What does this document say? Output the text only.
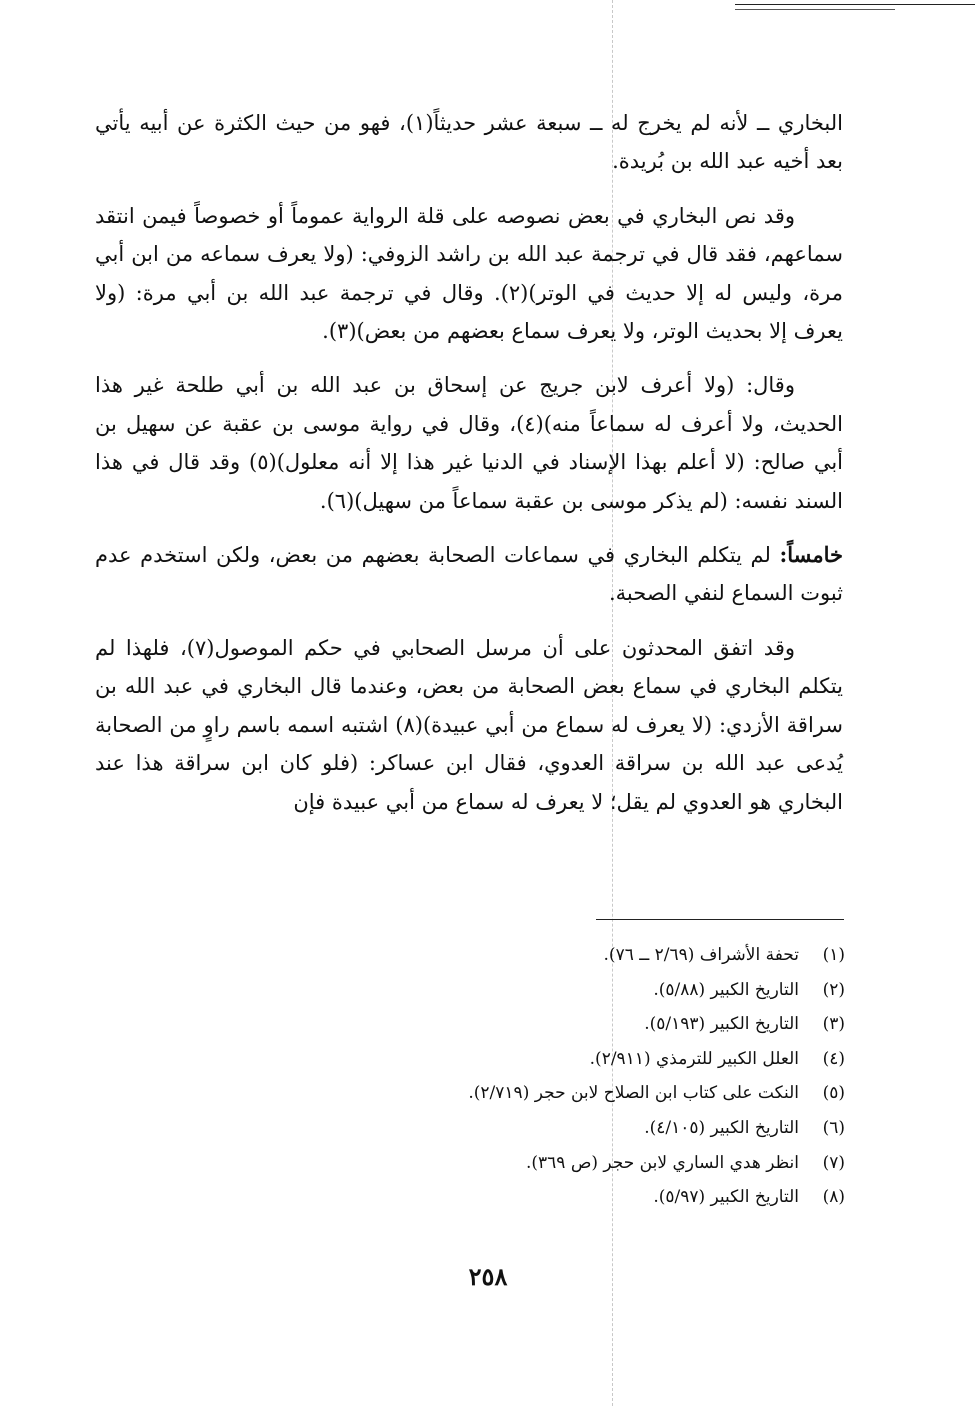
البخاري ــ لأنه لم يخرج له ــ سبعة عشر حديثاً(١)، فهو من حيث الكثرة عن أبيه يأتي بعد أخيه عبد الله بن بُريدة.

وقد نص البخاري في بعض نصوصه على قلة الرواية عموماً أو خصوصاً فيمن انتقد سماعهم، فقد قال في ترجمة عبد الله بن راشد الزوفي: (ولا يعرف سماعه من ابن أبي مرة، وليس له إلا حديث في الوتر)(٢). وقال في ترجمة عبد الله بن أبي مرة: (ولا يعرف إلا بحديث الوتر، ولا يعرف سماع بعضهم من بعض)(٣).

وقال: (ولا أعرف لابن جريج عن إسحاق بن عبد الله بن أبي طلحة غير هذا الحديث، ولا أعرف له سماعاً منه)(٤)، وقال في رواية موسى بن عقبة عن سهيل بن أبي صالح: (لا أعلم بهذا الإسناد في الدنيا غير هذا إلا أنه معلول)(٥) وقد قال في هذا السند نفسه: (لم يذكر موسى بن عقبة سماعاً من سهيل)(٦).

خامساً: لم يتكلم البخاري في سماعات الصحابة بعضهم من بعض، ولكن استخدم عدم ثبوت السماع لنفي الصحبة.

وقد اتفق المحدثون على أن مرسل الصحابي في حكم الموصول(٧)، فلهذا لم يتكلم البخاري في سماع بعض الصحابة من بعض، وعندما قال البخاري في عبد الله بن سراقة الأزدي: (لا يعرف له سماع من أبي عبيدة)(٨) اشتبه اسمه باسم راوٍ من الصحابة يُدعى عبد الله بن سراقة العدوي، فقال ابن عساكر: (فلو كان ابن سراقة هذا عند البخاري هو العدوي لم يقل؛ لا يعرف له سماع من أبي عبيدة فإن

(١)
تحفة الأشراف (٢/٦٩ ــ ٧٦).
(٢)
التاريخ الكبير (٥/٨٨).
(٣)
التاريخ الكبير (٥/١٩٣).
(٤)
العلل الكبير للترمذي (٢/٩١١).
(٥)
النكت على كتاب ابن الصلاح لابن حجر (٢/٧١٩).
(٦)
التاريخ الكبير (٤/١٠٥).
(٧)
انظر هدي الساري لابن حجر (ص ٣٦٩).
(٨)
التاريخ الكبير (٥/٩٧).
٢٥٨
